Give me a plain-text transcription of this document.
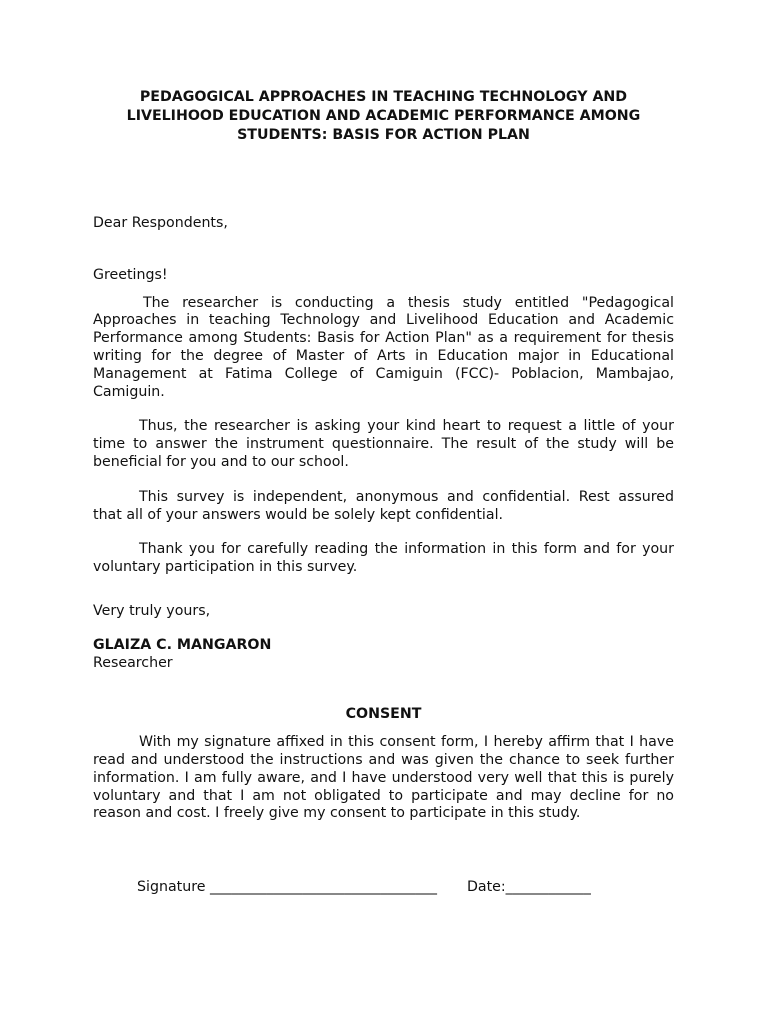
PEDAGOGICAL APPROACHES IN TEACHING TECHNOLOGY AND LIVELIHOOD EDUCATION AND ACADEMIC PERFORMANCE AMONG STUDENTS: BASIS FOR ACTION PLAN

Dear Respondents,

Greetings!

The researcher is conducting a thesis study entitled "Pedagogical Approaches in teaching Technology and Livelihood Education and Academic Performance among Students: Basis for Action Plan" as a requirement for thesis writing for the degree of Master of Arts in Education major in Educational Management at Fatima College of Camiguin (FCC)- Poblacion, Mambajao, Camiguin.

Thus, the researcher is asking your kind heart to request a little of your time to answer the instrument questionnaire. The result of the study will be beneficial for you and to our school.

This survey is independent, anonymous and confidential. Rest assured that all of your answers would be solely kept confidential.

Thank you for carefully reading the information in this form and for your voluntary participation in this survey.

Very truly yours,

GLAIZA C. MANGARON

Researcher

CONSENT

With my signature affixed in this consent form, I hereby affirm that I have read and understood the instructions and was given the chance to seek further information. I am fully aware, and I have understood very well that this is purely voluntary and that I am not obligated to participate and may decline for no reason and cost. I freely give my consent to participate in this study.

Signature ________________________________ Date:____________
